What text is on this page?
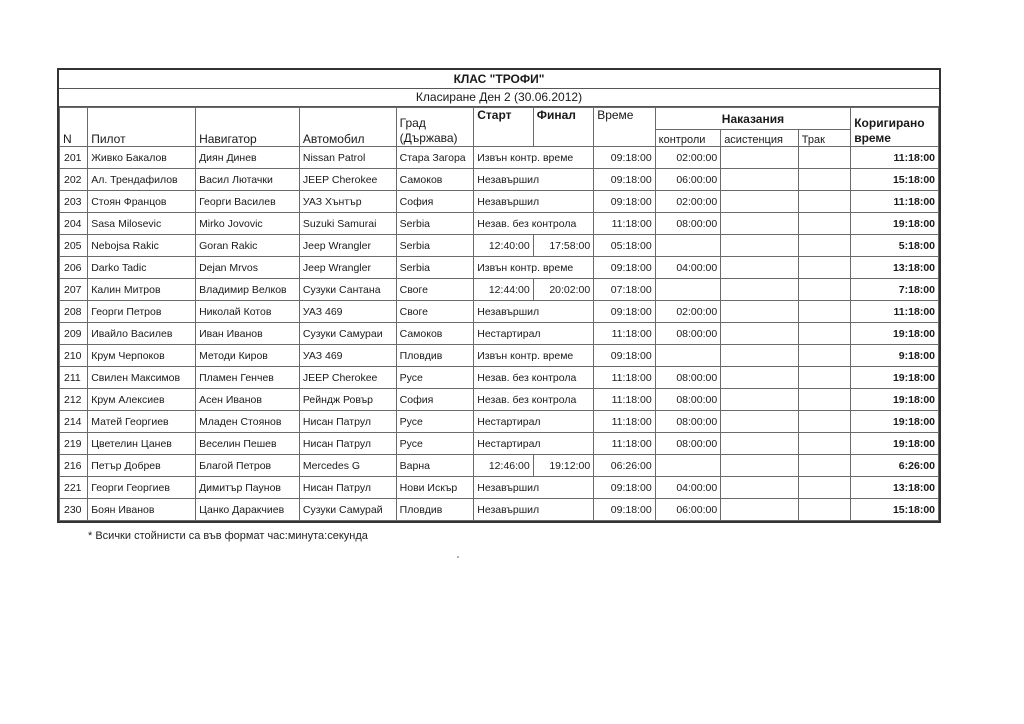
КЛАС "ТРОФИ"
Класиране Ден 2 (30.06.2012)
N	Пилот	Навигатор	Автомобил	Град (Държава)	Старт	Финал	Време	Наказания			Коригирано време
								контроли	асистенция	Трак	
201	Живко Бакалов	Диян Динев	Nissan Patrol	Стара Загора	Извън контр. време		09:18:00	02:00:00			11:18:00
202	Ал. Трендафилов	Васил Лютачки	JEEP Cherokee	Самоков	Незавършил		09:18:00	06:00:00			15:18:00
203	Стоян Францов	Георги Василев	УАЗ Хънтър	София	Незавършил		09:18:00	02:00:00			11:18:00
204	Sasa Milosevic	Mirko Jovovic	Suzuki Samurai	Serbia	Незав. без контрола		11:18:00	08:00:00			19:18:00
205	Nebojsa Rakic	Goran Rakic	Jeep Wrangler	Serbia	12:40:00	17:58:00	05:18:00				5:18:00
206	Darko Tadic	Dejan Mrvos	Jeep Wrangler	Serbia	Извън контр. време		09:18:00	04:00:00			13:18:00
207	Калин Митров	Владимир Велков	Сузуки Сантана	Своге	12:44:00	20:02:00	07:18:00				7:18:00
208	Георги Петров	Николай Котов	УАЗ 469	Своге	Незавършил		09:18:00	02:00:00			11:18:00
209	Ивайло Василев	Иван Иванов	Сузуки Самураи	Самоков	Нестартирал		11:18:00	08:00:00			19:18:00
210	Крум Черпоков	Методи Киров	УАЗ 469	Пловдив	Извън контр. време		09:18:00				9:18:00
211	Свилен Максимов	Пламен Генчев	JEEP Cherokee	Русе	Незав. без контрола		11:18:00	08:00:00			19:18:00
212	Крум Алексиев	Асен Иванов	Рейндж Ровър	София	Незав. без контрола		11:18:00	08:00:00			19:18:00
214	Матей Георгиев	Младен Стоянов	Нисан Патрул	Русе	Нестартирал		11:18:00	08:00:00			19:18:00
219	Цветелин Цанев	Веселин Пешев	Нисан Патрул	Русе	Нестартирал		11:18:00	08:00:00			19:18:00
216	Петър Добрев	Благой Петров	Mercedes G	Варна	12:46:00	19:12:00	06:26:00				6:26:00
221	Георги Георгиев	Димитър Паунов	Нисан Патрул	Нови Искър	Незавършил		09:18:00	04:00:00			13:18:00
230	Боян Иванов	Цанко Даракчиев	Сузуки Самурай	Пловдив	Незавършил		09:18:00	06:00:00			15:18:00
* Всички стойнисти са във формат час:минута:секунда
